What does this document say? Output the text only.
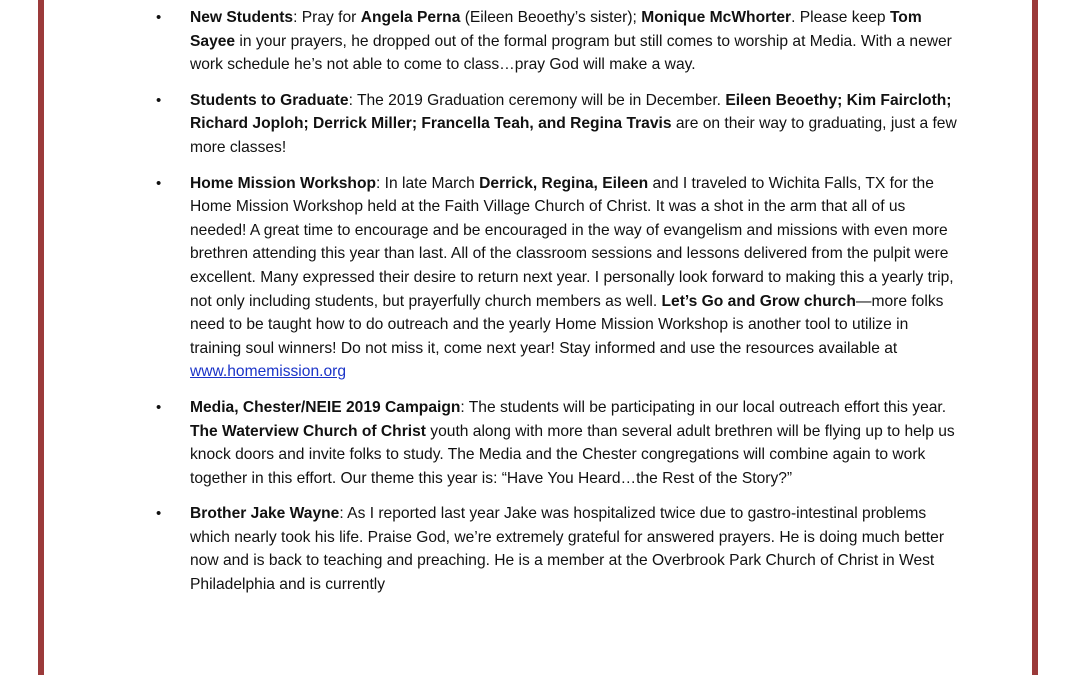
• New Students: Pray for Angela Perna (Eileen Beoethy’s sister); Monique McWhorter. Please keep Tom Sayee in your prayers, he dropped out of the formal program but still comes to worship at Media. With a newer work schedule he’s not able to come to class…pray God will make a way.
• Students to Graduate: The 2019 Graduation ceremony will be in December. Eileen Beoethy; Kim Faircloth; Richard Joploh; Derrick Miller; Francella Teah, and Regina Travis are on their way to graduating, just a few more classes!
• Home Mission Workshop: In late March Derrick, Regina, Eileen and I traveled to Wichita Falls, TX for the Home Mission Workshop held at the Faith Village Church of Christ. It was a shot in the arm that all of us needed! A great time to encourage and be encouraged in the way of evangelism and missions with even more brethren attending this year than last. All of the classroom sessions and lessons delivered from the pulpit were excellent. Many expressed their desire to return next year. I personally look forward to making this a yearly trip, not only including students, but prayerfully church members as well. Let’s Go and Grow church—more folks need to be taught how to do outreach and the yearly Home Mission Workshop is another tool to utilize in training soul winners! Do not miss it, come next year! Stay informed and use the resources available at www.homemission.org
• Media, Chester/NEIE 2019 Campaign: The students will be participating in our local outreach effort this year. The Waterview Church of Christ youth along with more than several adult brethren will be flying up to help us knock doors and invite folks to study. The Media and the Chester congregations will combine again to work together in this effort. Our theme this year is: “Have You Heard…the Rest of the Story?”
• Brother Jake Wayne: As I reported last year Jake was hospitalized twice due to gastro-intestinal problems which nearly took his life. Praise God, we’re extremely grateful for answered prayers. He is doing much better now and is back to teaching and preaching. He is a member at the Overbrook Park Church of Christ in West Philadelphia and is currently
